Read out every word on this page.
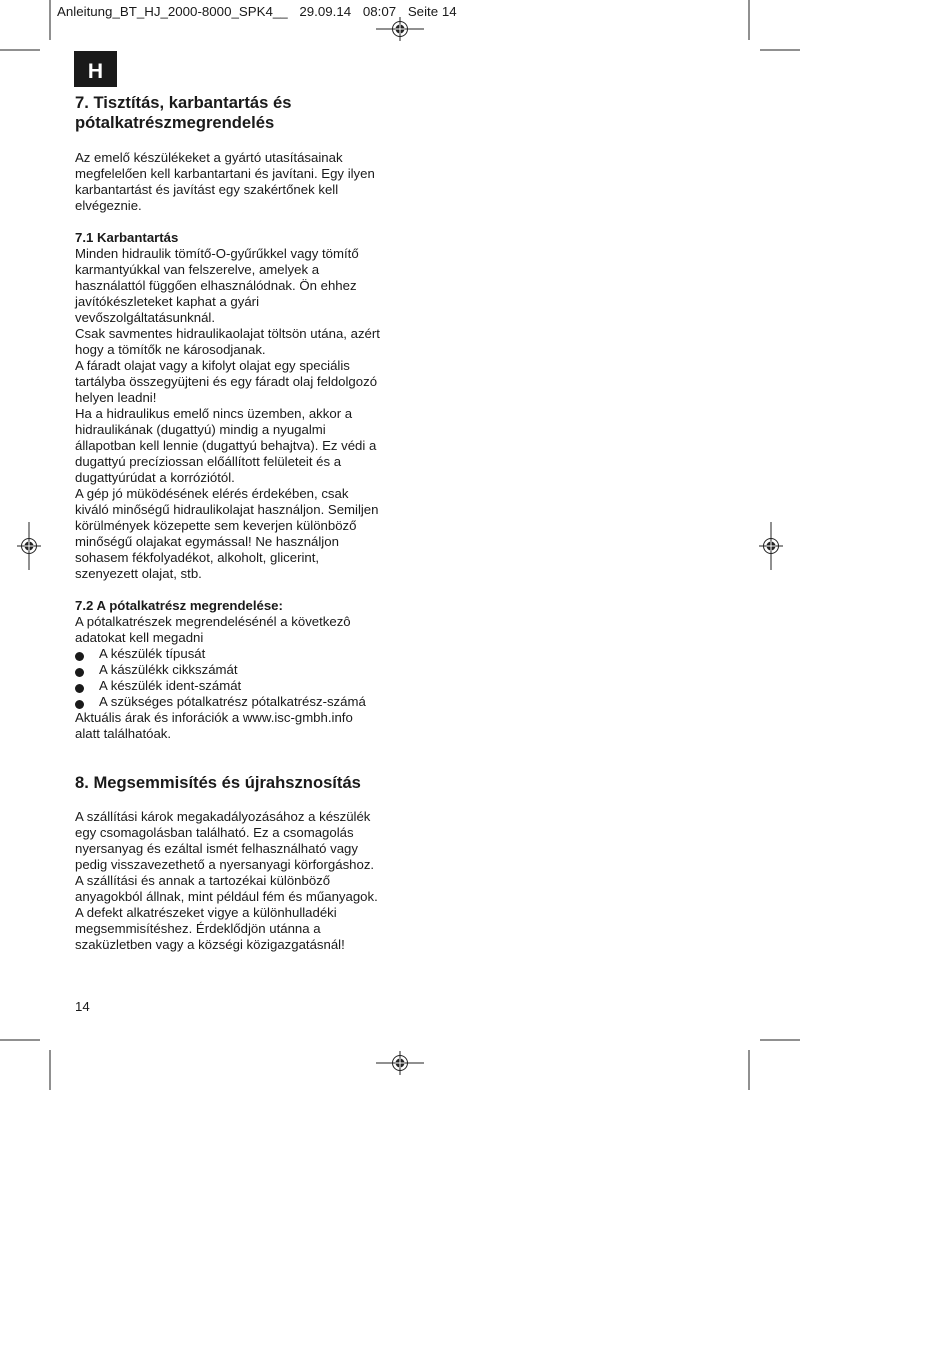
Anleitung_BT_HJ_2000-8000_SPK4__ 29.09.14 08:07 Seite 14
H
7. Tisztítás, karbantartás és
pótalkatrészmegrendelés
Az emelő készülékeket a gyártó utasításainak
megfelelően kell karbantartani és javítani. Egy ilyen
karbantartást és javítást egy szakértőnek kell
elvégeznie.
7.1 Karbantartás
Minden hidraulik tömítő-O-gyűrűkkel vagy tömítő
karmantyúkkal van felszerelve, amelyek a
használattól függően elhasználódnak. Ön ehhez
javítókészleteket kaphat a gyári
vevőszolgáltatásunknál.
Csak savmentes hidraulikaolajat töltsön utána, azért
hogy a tömítők ne károsodjanak.
A fáradt olajat vagy a kifolyt olajat egy speciális
tartályba összegyüjteni és egy fáradt olaj feldolgozó
helyen leadni!
Ha a hidraulikus emelő nincs üzemben, akkor a
hidraulikának (dugattyú) mindig a nyugalmi
állapotban kell lennie (dugattyú behajtva). Ez védi a
dugattyú precíziossan előállított felületeit és a
dugattyúrúdat a korróziótól.
A gép jó müködésének elérés érdekében, csak
kiváló minőségű hidraulikolajat használjon. Semiljen
körülmények közepette sem keverjen különböző
minőségű olajakat egymással! Ne használjon
sohasem fékfolyadékot, alkoholt, glicerint,
szenyezett olajat, stb.
7.2 A pótalkatrész megrendelése:
A pótalkatrészek megrendelésénél a következô
adatokat kell megadni
A készülék típusát
A kászülékk cikkszámát
A készülék ident-számát
A szükséges pótalkatrész pótalkatrész-számá
Aktuális árak és inforációk a www.isc-gmbh.info
alatt találhatóak.
8. Megsemmisítés és újrahsznosítás
A szállítási károk megakadályozásához a készülék
egy csomagolásban található. Ez a csomagolás
nyersanyag és ezáltal ismét felhasználható vagy
pedig visszavezethető a nyersanyagi körforgáshoz.
A szállítási és annak a tartozékai különböző
anyagokból állnak, mint például fém és műanyagok.
A defekt alkatrészeket vigye a különhulladéki
megsemmisítéshez. Érdeklődjön utánna a
szaküzletben vagy a községi közigazgatásnál!
14
